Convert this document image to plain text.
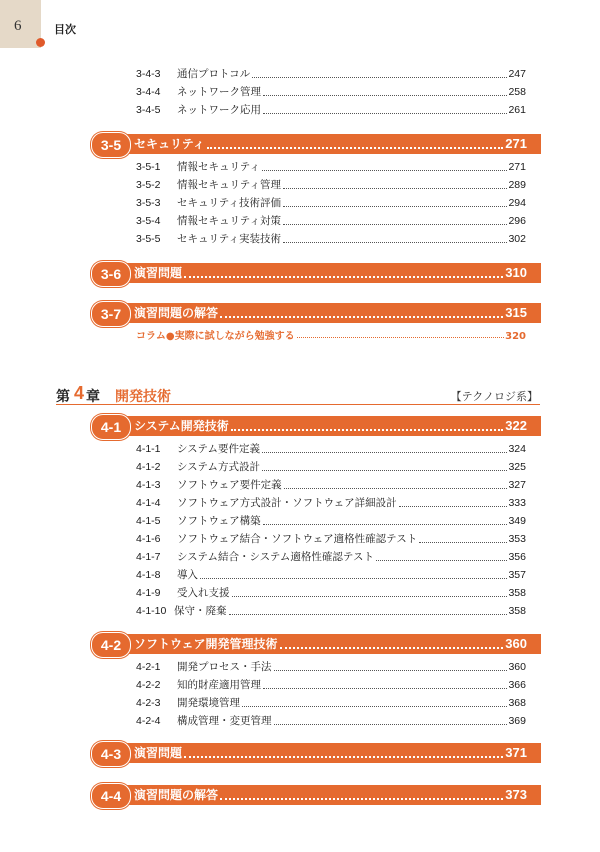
6	目次
3-4-3	通信プロトコル	247
3-4-4	ネットワーク管理	258
3-4-5	ネットワーク応用	261
3-5	セキュリティ	271
3-5-1	情報セキュリティ	271
3-5-2	情報セキュリティ管理	289
3-5-3	セキュリティ技術評価	294
3-5-4	情報セキュリティ対策	296
3-5-5	セキュリティ実装技術	302
3-6	演習問題	310
3-7	演習問題の解答	315
コラム●実際に試しながら勉強する	320
第 4 章 開発技術	【テクノロジ系】
4-1	システム開発技術	322
4-1-1	システム要件定義	324
4-1-2	システム方式設計	325
4-1-3	ソフトウェア要件定義	327
4-1-4	ソフトウェア方式設計・ソフトウェア詳細設計	333
4-1-5	ソフトウェア構築	349
4-1-6	ソフトウェア結合・ソフトウェア適格性確認テスト	353
4-1-7	システム結合・システム適格性確認テスト	356
4-1-8	導入	357
4-1-9	受入れ支援	358
4-1-10 保守・廃棄	358
4-2	ソフトウェア開発管理技術	360
4-2-1	開発プロセス・手法	360
4-2-2	知的財産適用管理	366
4-2-3	開発環境管理	368
4-2-4	構成管理・変更管理	369
4-3	演習問題	371
4-4	演習問題の解答	373
